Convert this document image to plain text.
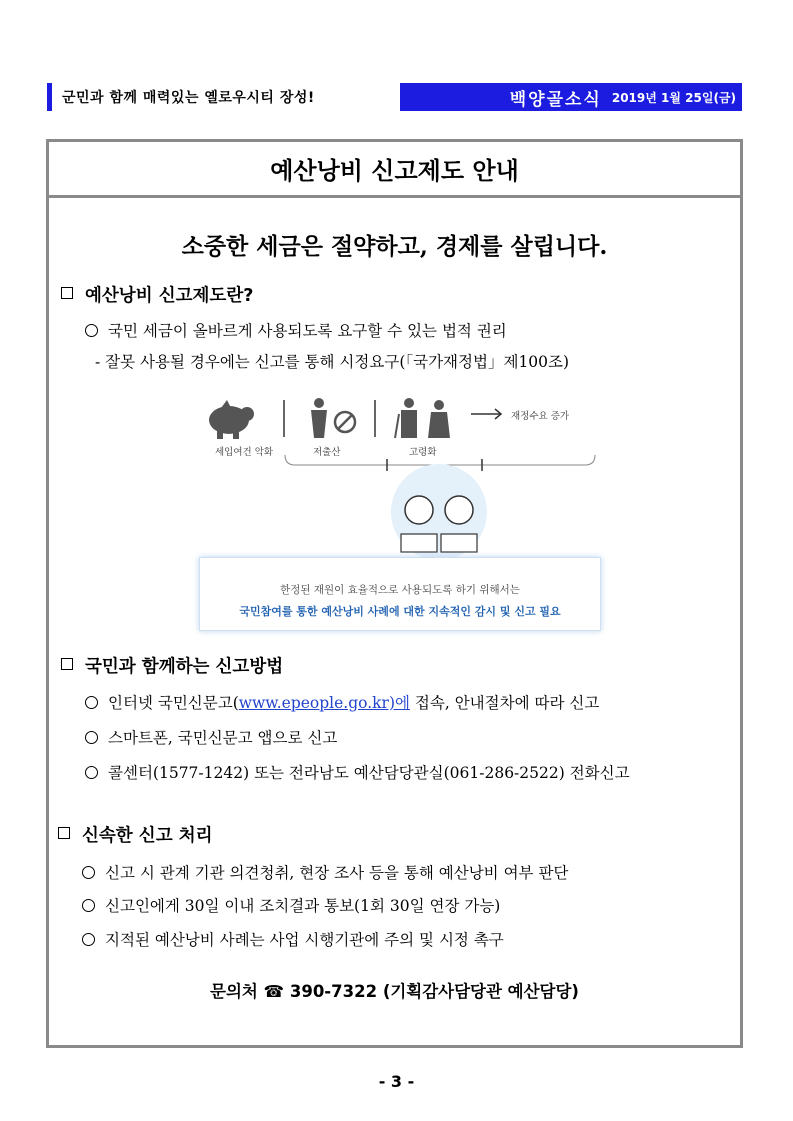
군민과 함께 매력있는 옐로우시티 장성!	백양골소식 2019년 1월 25일(금)
예산낭비 신고제도 안내
소중한 세금은 절약하고, 경제를 살립니다.
예산낭비 신고제도란?
국민 세금이 올바르게 사용되도록 요구할 수 있는 법적 권리
- 잘못 사용될 경우에는 신고를 통해 시정요구(「국가재정법」제100조)
세입여건 악화	저출산	고령화
재정수요 증가
한정된 재원이 효율적으로 사용되도록 하기 위해서는
국민참여를 통한 예산낭비 사례에 대한 지속적인 감시 및 신고 필요
국민과 함께하는 신고방법
인터넷 국민신문고(www.epeople.go.kr)에 접속, 안내절차에 따라 신고
스마트폰, 국민신문고 앱으로 신고
콜센터(1577-1242) 또는 전라남도 예산담당관실(061-286-2522) 전화신고
신속한 신고 처리
신고 시 관계 기관 의견청취, 현장 조사 등을 통해 예산낭비 여부 판단
신고인에게 30일 이내 조치결과 통보(1회 30일 연장 가능)
지적된 예산낭비 사례는 사업 시행기관에 주의 및 시정 촉구
문의처 ☎ 390-7322 (기획감사담당관 예산담당)
- 3 -
